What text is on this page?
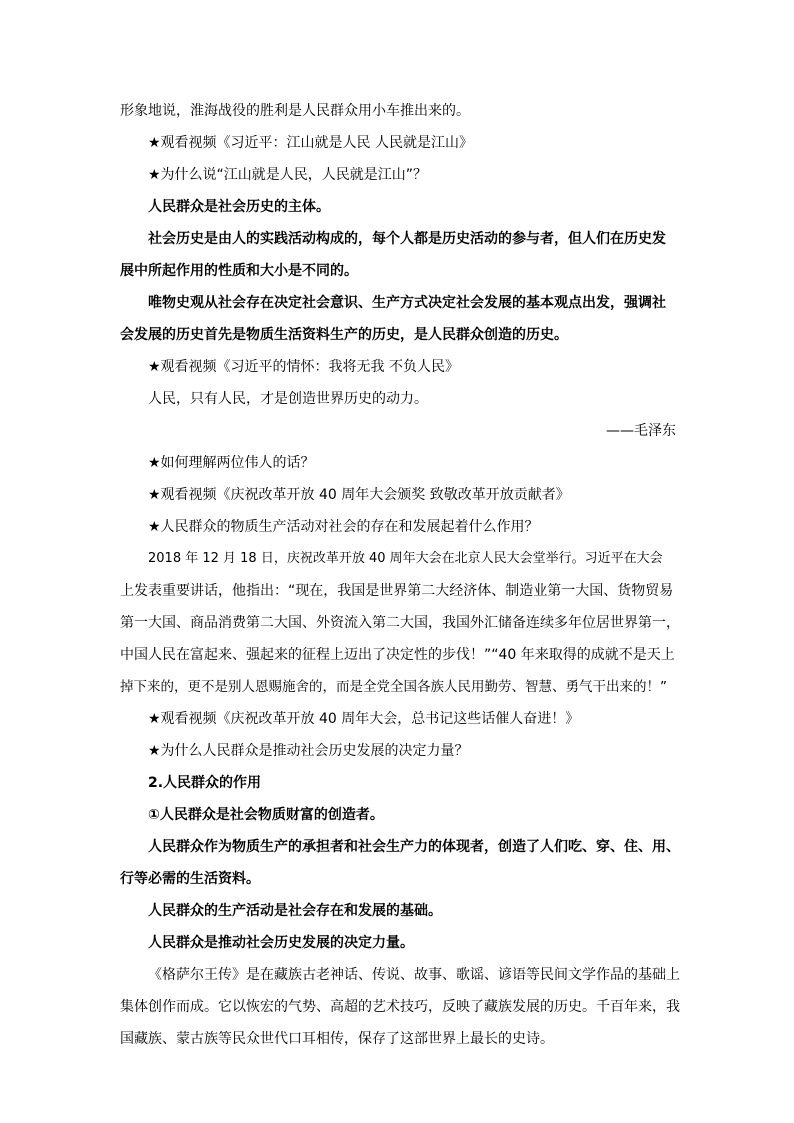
形象地说，淮海战役的胜利是人民群众用小车推出来的。
★观看视频《习近平：江山就是人民 人民就是江山》
★为什么说“江山就是人民，人民就是江山”？
人民群众是社会历史的主体。
社会历史是由人的实践活动构成的，每个人都是历史活动的参与者，但人们在历史发
展中所起作用的性质和大小是不同的。
唯物史观从社会存在决定社会意识、生产方式决定社会发展的基本观点出发，强调社
会发展的历史首先是物质生活资料生产的历史，是人民群众创造的历史。
★观看视频《习近平的情怀：我将无我 不负人民》
人民，只有人民，才是创造世界历史的动力。
——毛泽东
★如何理解两位伟人的话？
★观看视频《庆祝改革开放 40 周年大会颁奖 致敬改革开放贡献者》
★人民群众的物质生产活动对社会的存在和发展起着什么作用？
2018 年 12 月 18 日，庆祝改革开放 40 周年大会在北京人民大会堂举行。习近平在大会
上发表重要讲话，他指出：“现在，我国是世界第二大经济体、制造业第一大国、货物贸易
第一大国、商品消费第二大国、外资流入第二大国，我国外汇储备连续多年位居世界第一，
中国人民在富起来、强起来的征程上迈出了决定性的步伐！”“40 年来取得的成就不是天上
掉下来的，更不是别人恩赐施舍的，而是全党全国各族人民用勤劳、智慧、勇气干出来的！”
★观看视频《庆祝改革开放 40 周年大会，总书记这些话催人奋进！》
★为什么人民群众是推动社会历史发展的决定力量？
2.人民群众的作用
①人民群众是社会物质财富的创造者。
人民群众作为物质生产的承担者和社会生产力的体现者，创造了人们吃、穿、住、用、
行等必需的生活资料。
人民群众的生产活动是社会存在和发展的基础。
人民群众是推动社会历史发展的决定力量。
《格萨尔王传》是在藏族古老神话、传说、故事、歌谣、谚语等民间文学作品的基础上
集体创作而成。它以恢宏的气势、高超的艺术技巧，反映了藏族发展的历史。千百年来，我
国藏族、蒙古族等民众世代口耳相传，保存了这部世界上最长的史诗。
